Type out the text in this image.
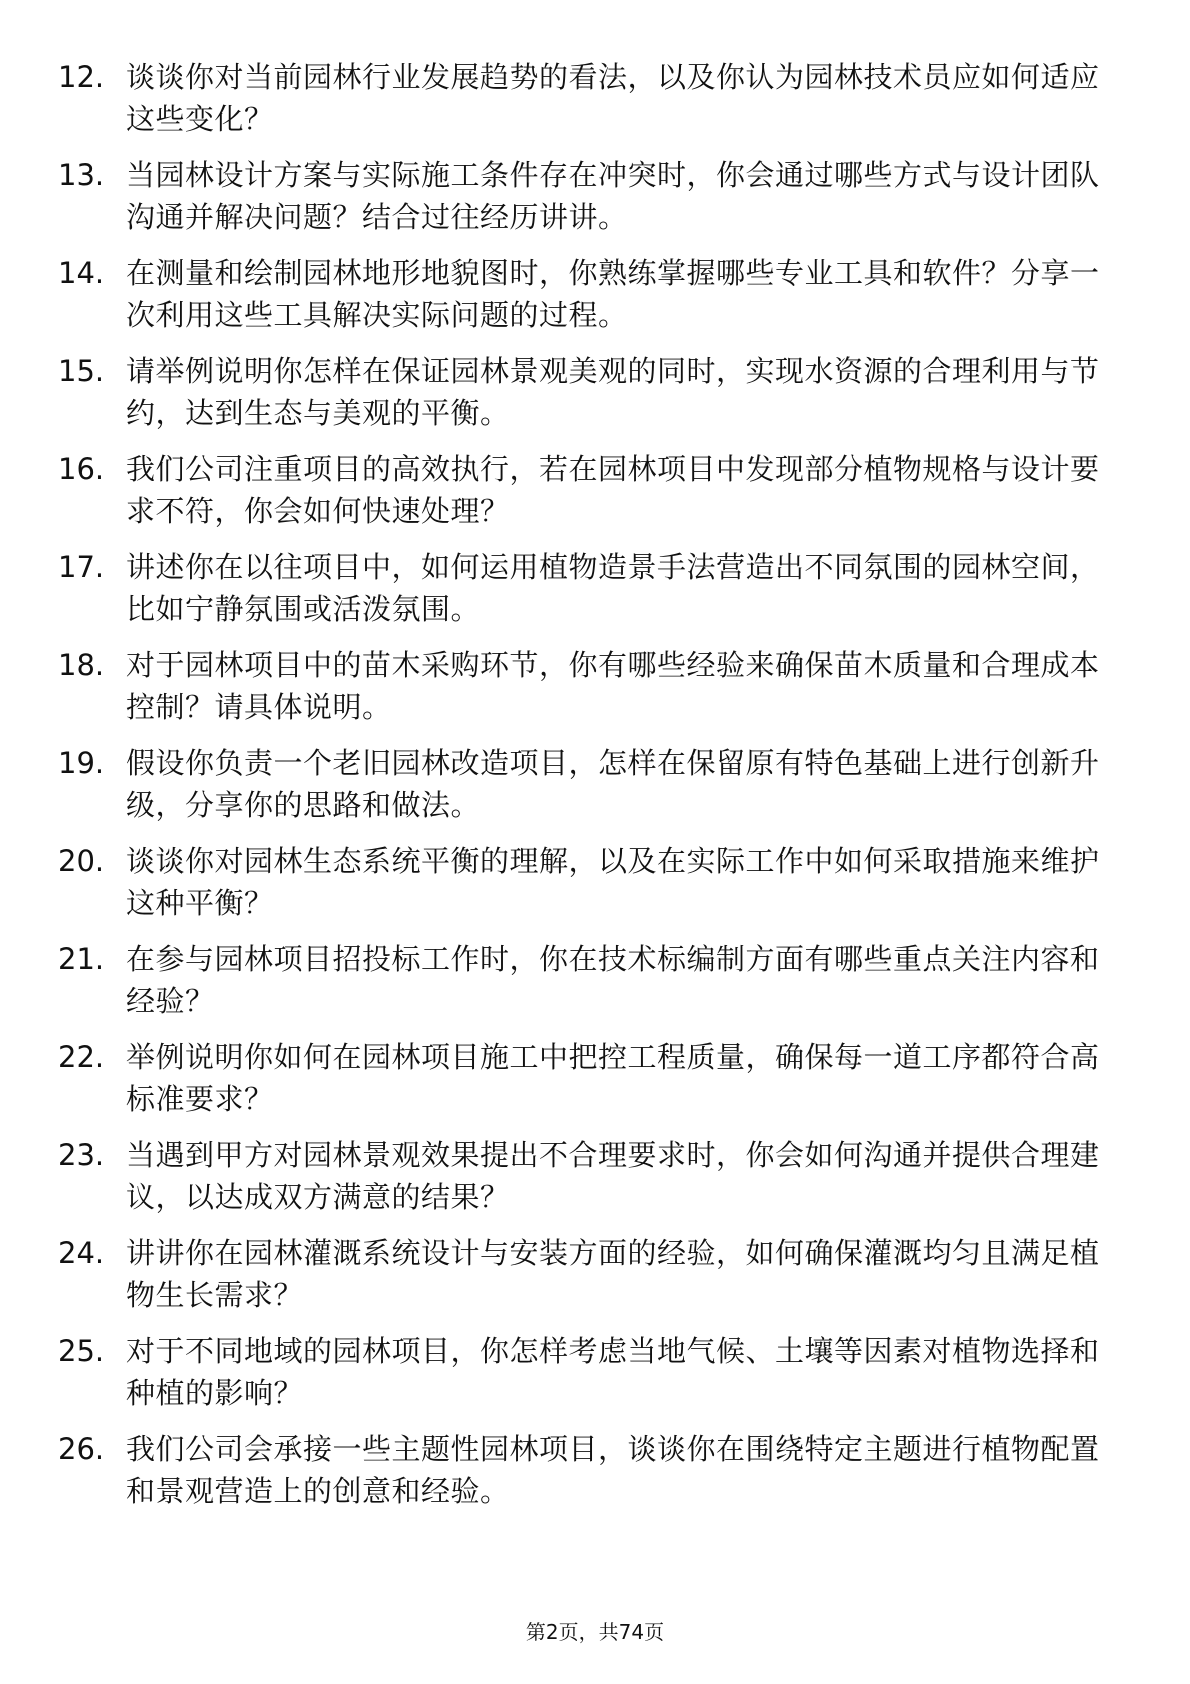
12. 谈谈你对当前园林行业发展趋势的看法，以及你认为园林技术员应如何适应这些变化？
13. 当园林设计方案与实际施工条件存在冲突时，你会通过哪些方式与设计团队沟通并解决问题？结合过往经历讲讲。
14. 在测量和绘制园林地形地貌图时，你熟练掌握哪些专业工具和软件？分享一次利用这些工具解决实际问题的过程。
15. 请举例说明你怎样在保证园林景观美观的同时，实现水资源的合理利用与节约，达到生态与美观的平衡。
16. 我们公司注重项目的高效执行，若在园林项目中发现部分植物规格与设计要求不符，你会如何快速处理？
17. 讲述你在以往项目中，如何运用植物造景手法营造出不同氛围的园林空间，比如宁静氛围或活泼氛围。
18. 对于园林项目中的苗木采购环节，你有哪些经验来确保苗木质量和合理成本控制？请具体说明。
19. 假设你负责一个老旧园林改造项目，怎样在保留原有特色基础上进行创新升级，分享你的思路和做法。
20. 谈谈你对园林生态系统平衡的理解，以及在实际工作中如何采取措施来维护这种平衡？
21. 在参与园林项目招投标工作时，你在技术标编制方面有哪些重点关注内容和经验？
22. 举例说明你如何在园林项目施工中把控工程质量，确保每一道工序都符合高标准要求？
23. 当遇到甲方对园林景观效果提出不合理要求时，你会如何沟通并提供合理建议，以达成双方满意的结果？
24. 讲讲你在园林灌溉系统设计与安装方面的经验，如何确保灌溉均匀且满足植物生长需求？
25. 对于不同地域的园林项目，你怎样考虑当地气候、土壤等因素对植物选择和种植的影响？
26. 我们公司会承接一些主题性园林项目，谈谈你在围绕特定主题进行植物配置和景观营造上的创意和经验。
第2页，共74页
